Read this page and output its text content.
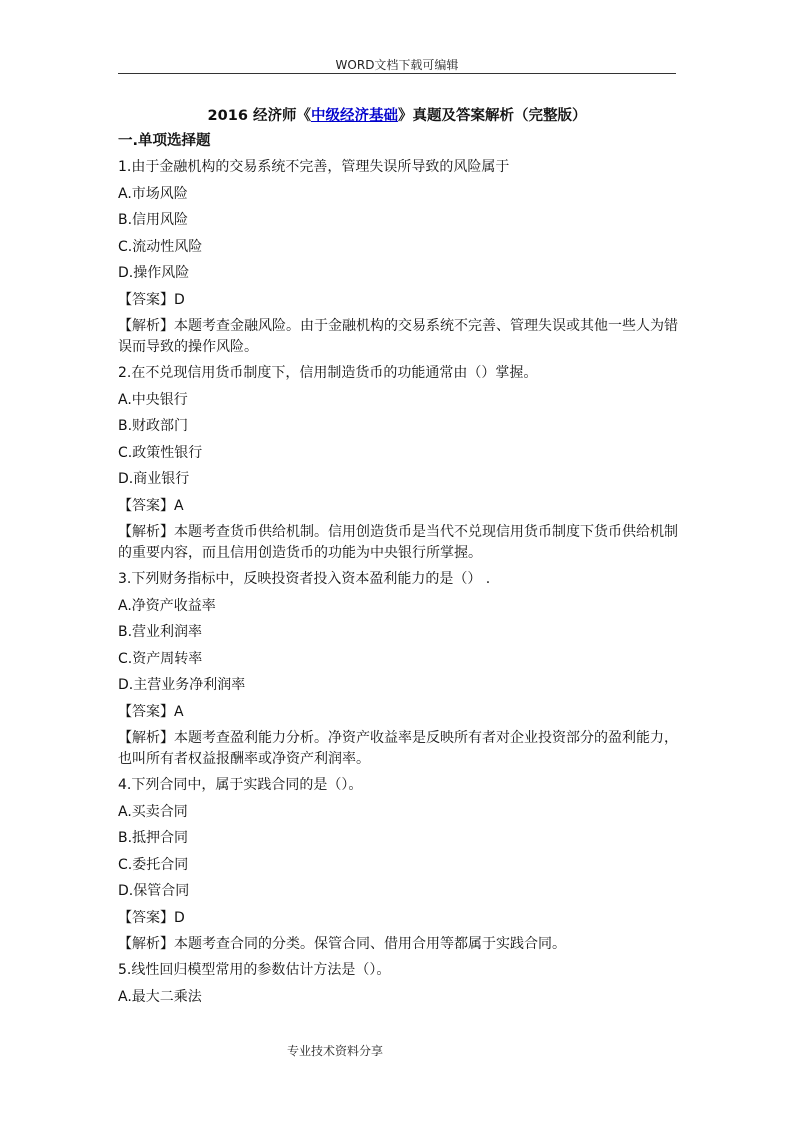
WORD文档下载可编辑
2016 经济师《中级经济基础》真题及答案解析（完整版）
一.单项选择题
1.由于金融机构的交易系统不完善，管理失误所导致的风险属于
A.市场风险
B.信用风险
C.流动性风险
D.操作风险
【答案】D
【解析】本题考查金融风险。由于金融机构的交易系统不完善、管理失误或其他一些人为错误而导致的操作风险。
2.在不兑现信用货币制度下，信用制造货币的功能通常由（）掌握。
A.中央银行
B.财政部门
C.政策性银行
D.商业银行
【答案】A
【解析】本题考查货币供给机制。信用创造货币是当代不兑现信用货币制度下货币供给机制的重要内容，而且信用创造货币的功能为中央银行所掌握。
3.下列财务指标中，反映投资者投入资本盈利能力的是（） .
A.净资产收益率
B.营业利润率
C.资产周转率
D.主营业务净利润率
【答案】A
【解析】本题考查盈利能力分析。净资产收益率是反映所有者对企业投资部分的盈利能力，也叫所有者权益报酬率或净资产利润率。
4.下列合同中，属于实践合同的是（）。
A.买卖合同
B.抵押合同
C.委托合同
D.保管合同
【答案】D
【解析】本题考查合同的分类。保管合同、借用合用等都属于实践合同。
5.线性回归模型常用的参数估计方法是（）。
A.最大二乘法
专业技术资料分享
